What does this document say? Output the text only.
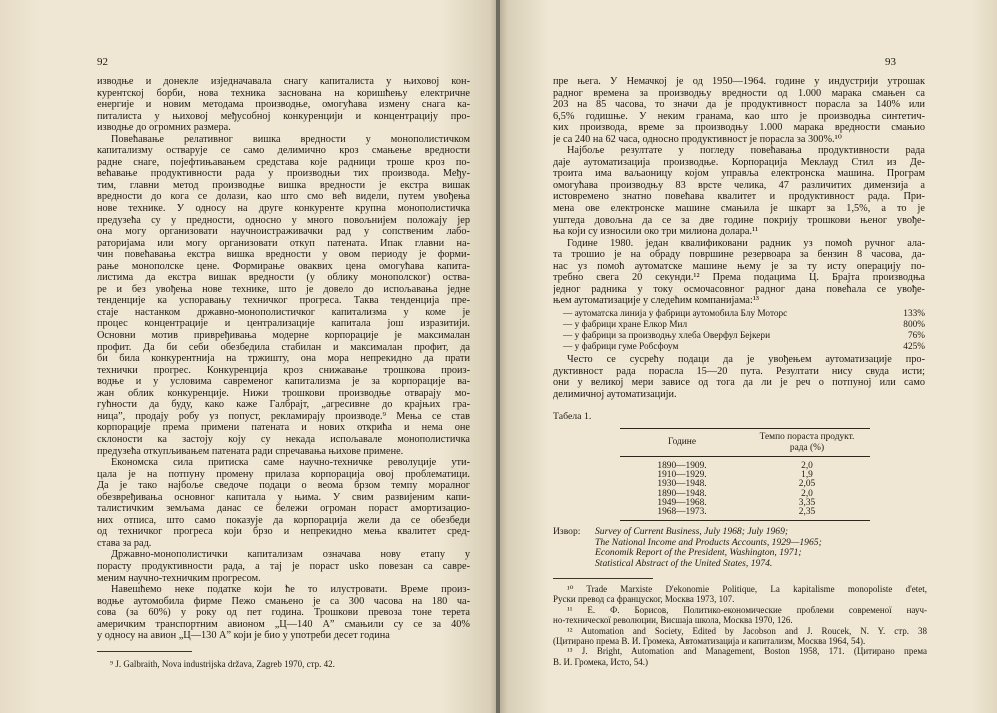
92
изводње и донекле изједначавала снагу капиталиста у њиховој кон-
курентској борби, нова техника заснована на коришћењу електричне
енергије и новим методама производње, омогућава измену снага ка-
питалиста у њиховој међусобној конкуренцији и концентрацију про-
изводње до огромних размера.
Повећавање релативног вишка вредности у монополистичком
капитализму остварује се само делимично кроз смањење вредности
радне снаге, појефтињавањем средстава које радници троше кроз по-
већавање продуктивности рада у производњи тих производа. Међу-
тим, главни метод производње вишка вредности је екстра вишак
вредности до кога се долази, као што смо већ видели, путем увођења
нове технике. У односу на друге конкуренте крупна монополистичка
предузећа су у предности, односно у много повољнијем положају јер
она могу организовати научноистраживачки рад у сопственим лабо-
раторијама или могу организовати откуп патената. Ипак главни на-
чин повећавања екстра вишка вредности у овом периоду је форми-
рање монополске цене. Формирање оваквих цена омогућава капита-
листима да екстра вишак вредности (у облику монополског) оства-
ре и без увођења нове технике, што је довело до испољавања једне
тенденције ка успоравању техничког прогреса. Таква тенденција пре-
стаје настанком државно-монополистичког капитализма у коме је
процес концентрације и централизације капитала још изразитији.
Основни мотив привређивања модерне корпорације је максималан
профит. Да би себи обезбедила стабилан и максималан профит, да
би била конкурентнија на тржишту, она мора непрекидно да прати
технички прогрес. Конкуренција кроз снижавање трошкова произ-
водње и у условима савременог капитализма је за корпорације ва-
жан облик конкуренције. Нижи трошкови производње отварају мо-
гућности да буду, како каже Галбрајт, „агресивне до крајњих гра-
ница”, продају робу уз попуст, рекламирају производе.⁹ Мења се став
корпорације према примени патената и нових открића и нема оне
склоности ка застоју коју су некада испољавале монополистичка
предузећа откупљивањем патената ради спречавања њихове примене.
Економска сила притиска саме научно-техничке револуције ути-
цала је на потпуну промену прилаза корпорација овој проблематици.
Да је тако најбоље сведоче подаци о веома брзом темпу моралног
обезвређивања основног капитала у њима. У свим развијеним капи-
талистичким земљама данас се бележи огроман пораст амортизацио-
них отписа, што само показује да корпорација жели да се обезбеди
од техничког прогреса који брзо и непрекидно мења квалитет сред-
става за рад.
Државно-монополистички капитализам означава нову етапу у
порасту продуктивности рада, а тај је пораст usko повезан са савре-
меним научно-техничким прогресом.
Навешћемо неке податке који ће то илустровати. Време произ-
водње аутомобила фирме Пежо смањено је са 300 часова на 180 ча-
сова (за 60%) у року од пет година. Трошкови превоза тоне терета
америчким транспортним авионом „Ц—140 А” смањили су се за 40%
у односу на авион „Ц—130 А” који је био у употреби десет година
⁹ J. Galbraith, Nova industrijska država, Zagreb 1970, стр. 42.
93
пре њега. У Немачкој је од 1950—1964. године у индустрији утрошак
радног времена за производњу вредности од 1.000 марака смањен са
203 на 85 часова, то значи да је продуктивност порасла за 140% или
6,5% годишње. У неким гранама, као што је производња синтетич-
ких производа, време за производњу 1.000 марака вредности смањио
је са 240 на 62 часа, односно продуктивност је порасла за 300%.¹⁰
Најбоље резултате у погледу повећавања продуктивности рада
даје аутоматизација производње. Корпорација Меклауд Стил из Де-
троита има ваљаоницу којом управља електронска машина. Програм
омогућава производњу 83 врсте челика, 47 различитих димензија а
истовремено знатно повећава квалитет и продуктивност рада. При-
мена ове електронске машине смањила је шкарт за 1,5%, а то је
уштеда довољна да се за две године покрију трошкови њеног увође-
ња који су износили око три милиона долара.¹¹
Године 1980. један квалификовани радник уз помоћ ручног ала-
та трошио је на обраду површине резервоара за бензин 8 часова, да-
нас уз помоћ аутоматске машине њему је за ту исту операцију по-
требно свега 20 секунди.¹² Према подацима Ц. Брајта производња
једног радника у току осмочасовног радног дана повећала се увође-
њем аутоматизације у следећим компанијама:¹³
— аутоматска линија у фабрици аутомобила Блу Моторс	133%
— у фабрици хране Елкор Мил	800%
— у фабрици за производњу хлеба Оверфул Бејкери	76%
— у фабрици гуме Робсфоум	425%
Често се сусрећу подаци да је увођењем аутоматизације про-
дуктивност рада порасла 15—20 пута. Резултати нису свуда исти;
они у великој мери зависе од тога да ли је реч о потпуној или само
делимичној аутоматизацији.
Табела 1.
Године	Темпо пораста продукт. рада (%)
1890—1909.	2,0
1910—1929.	1,9
1930—1948.	2,05
1890—1948.	2,0
1949—1968.	3,35
1968—1973.	2,35
Извор:	Survey of Current Business, July 1968; July 1969;
The National Income and Products Accounts, 1929—1965;
Economik Report of the President, Washington, 1971;
Statistical Abstract of the United States, 1974.
¹⁰ Trade Marxiste D'ekonomie Politique, La kapitalisme monopoliste d'etet,
Руски превод са француског, Москва 1973, 107.
¹¹ Е. Ф. Борисов, Политико-економические проблеми современої науч-
но-техническої революции, Висшаја школа, Москва 1970, 126.
¹² Automation and Society, Edited by Jacobson and J. Roucek, N. Y. стр. 38
(Цитирано према В. И. Громека, Автоматизација и капитализм, Москва 1964, 54).
¹³ J. Bright, Automation and Management, Boston 1958, 171. (Цитирано према
В. И. Громека, Исто, 54.)
